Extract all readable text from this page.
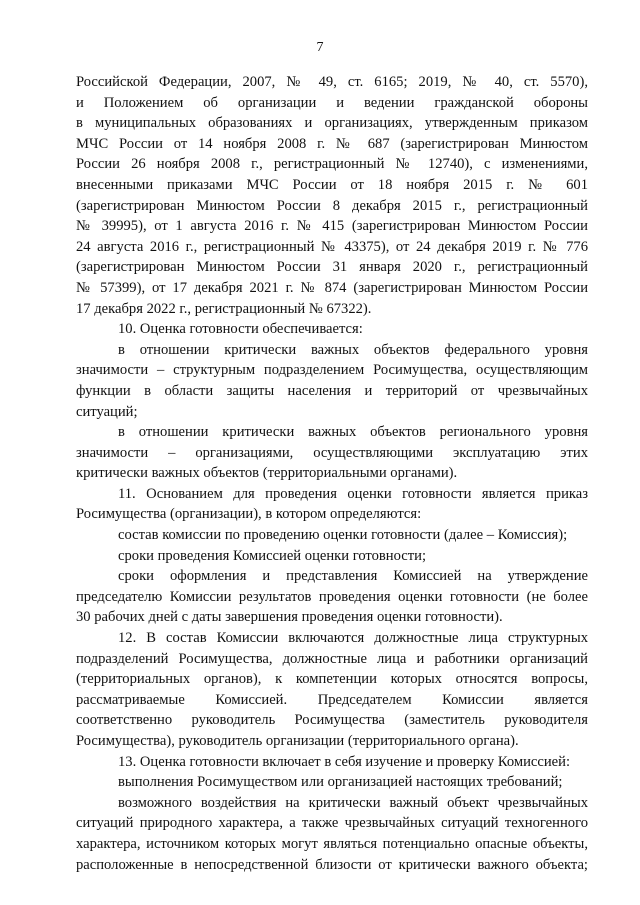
7
Российской Федерации, 2007, № 49, ст. 6165; 2019, № 40, ст. 5570),
и Положением об организации и ведении гражданской обороны
в муниципальных образованиях и организациях, утвержденным приказом
МЧС России от 14 ноября 2008 г. № 687 (зарегистрирован Минюстом
России 26 ноября 2008 г., регистрационный № 12740), с изменениями,
внесенными приказами МЧС России от 18 ноября 2015 г. № 601
(зарегистрирован Минюстом России 8 декабря 2015 г., регистрационный
№ 39995), от 1 августа 2016 г. № 415 (зарегистрирован Минюстом России
24 августа 2016 г., регистрационный № 43375), от 24 декабря 2019 г. № 776
(зарегистрирован Минюстом России 31 января 2020 г., регистрационный
№ 57399), от 17 декабря 2021 г. № 874 (зарегистрирован Минюстом России
17 декабря 2022 г., регистрационный № 67322).
10. Оценка готовности обеспечивается:
в отношении критически важных объектов федерального уровня
значимости – структурным подразделением Росимущества, осуществляющим
функции в области защиты населения и территорий от чрезвычайных
ситуаций;
в отношении критически важных объектов регионального уровня
значимости – организациями, осуществляющими эксплуатацию этих
критически важных объектов (территориальными органами).
11. Основанием для проведения оценки готовности является приказ
Росимущества (организации), в котором определяются:
состав комиссии по проведению оценки готовности (далее – Комиссия);
сроки проведения Комиссией оценки готовности;
сроки оформления и представления Комиссией на утверждение
председателю Комиссии результатов проведения оценки готовности (не более
30 рабочих дней с даты завершения проведения оценки готовности).
12. В состав Комиссии включаются должностные лица структурных
подразделений Росимущества, должностные лица и работники организаций
(территориальных органов), к компетенции которых относятся вопросы,
рассматриваемые Комиссией. Председателем Комиссии является
соответственно руководитель Росимущества (заместитель руководителя
Росимущества), руководитель организации (территориального органа).
13. Оценка готовности включает в себя изучение и проверку Комиссией:
выполнения Росимуществом или организацией настоящих требований;
возможного воздействия на критически важный объект чрезвычайных
ситуаций природного характера, а также чрезвычайных ситуаций техногенного
характера, источником которых могут являться потенциально опасные объекты,
расположенные в непосредственной близости от критически важного объекта;
